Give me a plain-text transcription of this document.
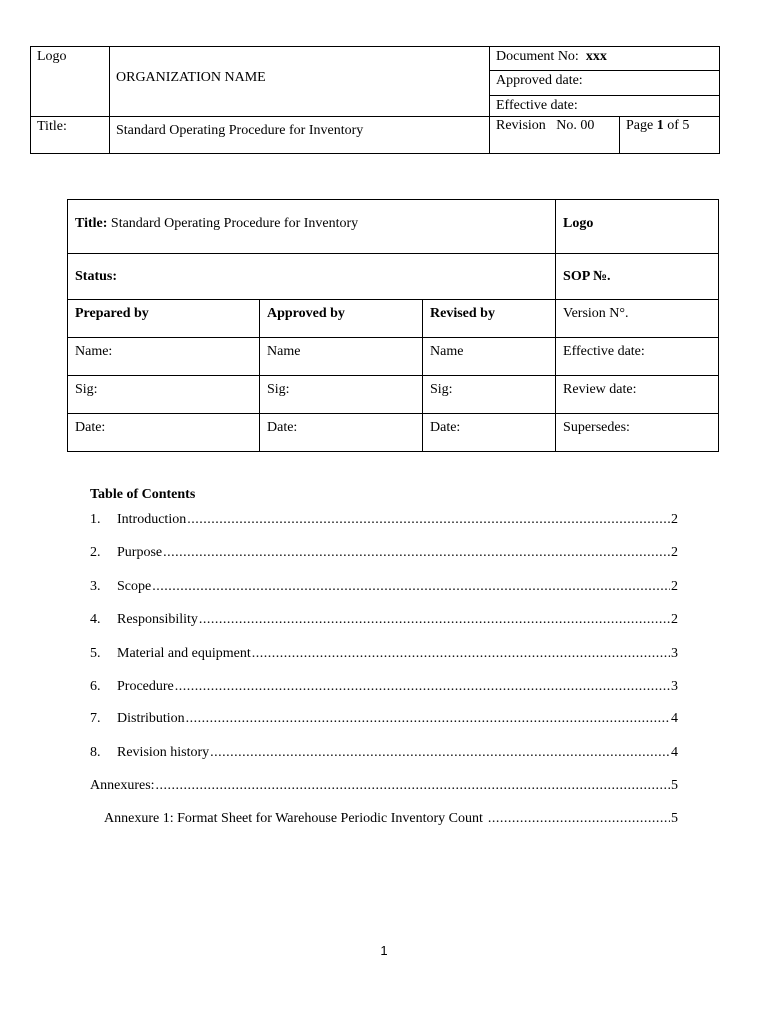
Logo	ORGANIZATION NAME	Document No: xxx	
		Approved date:	
		Effective date:	
Title:	Standard Operating Procedure for Inventory	Revision No. 00	Page 1 of 5
Title: Standard Operating Procedure for Inventory			Logo
Status:			SOP №.
Prepared by	Approved by	Revised by	Version N°.
Name:	Name	Name	Effective date:
Sig:	Sig:	Sig:	Review date:
Date:	Date:	Date:	Supersedes:
Table of Contents
1.	Introduction .....	2
2.	Purpose .....	2
3.	Scope .....	2
4.	Responsibility .....	2
5.	Material and equipment .....	3
6.	Procedure .....	3
7.	Distribution .....	4
8.	Revision history .....	4
Annexures: .....	5
Annexure 1: Format Sheet for Warehouse Periodic Inventory Count .....	5
1
